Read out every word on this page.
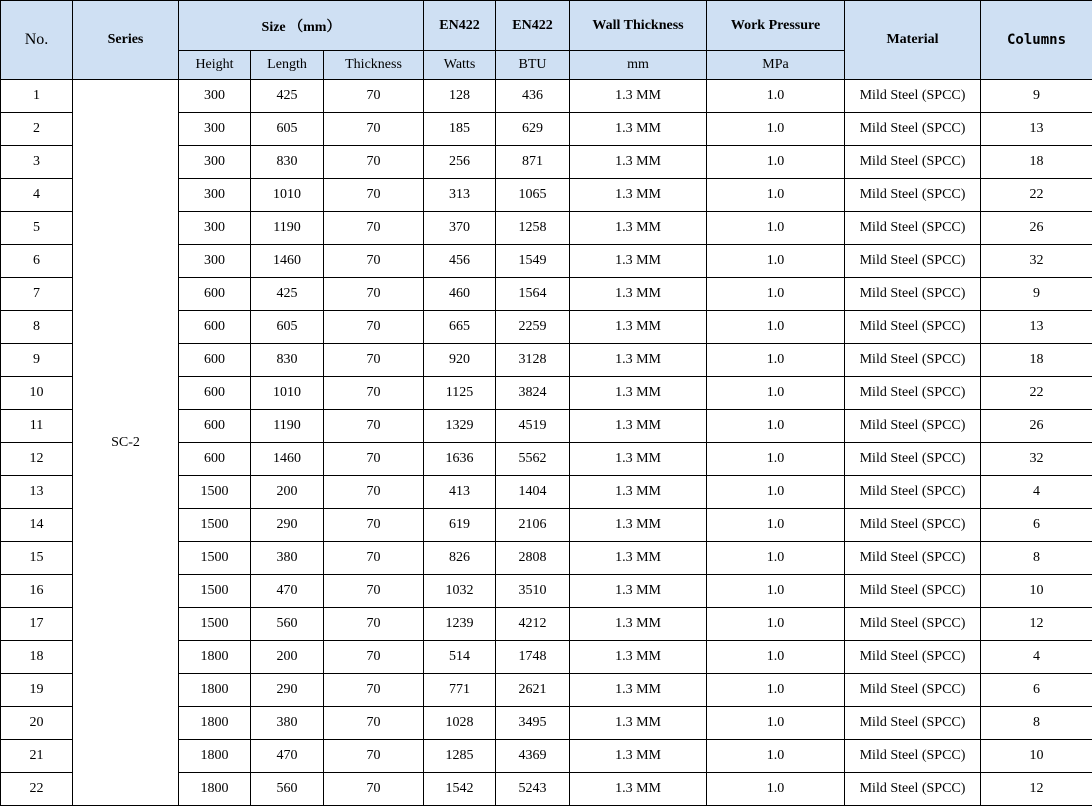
No.	Series	Size （mm）			EN422	EN422	Wall Thickness	Work Pressure	Material	Columns
		Height	Length	Thickness	Watts	BTU	mm	MPa		
1	SC-2	300	425	70	128	436	1.3 MM	1.0	Mild Steel (SPCC)	9
2		300	605	70	185	629	1.3 MM	1.0	Mild Steel (SPCC)	13
3		300	830	70	256	871	1.3 MM	1.0	Mild Steel (SPCC)	18
4		300	1010	70	313	1065	1.3 MM	1.0	Mild Steel (SPCC)	22
5		300	1190	70	370	1258	1.3 MM	1.0	Mild Steel (SPCC)	26
6		300	1460	70	456	1549	1.3 MM	1.0	Mild Steel (SPCC)	32
7		600	425	70	460	1564	1.3 MM	1.0	Mild Steel (SPCC)	9
8		600	605	70	665	2259	1.3 MM	1.0	Mild Steel (SPCC)	13
9		600	830	70	920	3128	1.3 MM	1.0	Mild Steel (SPCC)	18
10		600	1010	70	1125	3824	1.3 MM	1.0	Mild Steel (SPCC)	22
11		600	1190	70	1329	4519	1.3 MM	1.0	Mild Steel (SPCC)	26
12		600	1460	70	1636	5562	1.3 MM	1.0	Mild Steel (SPCC)	32
13		1500	200	70	413	1404	1.3 MM	1.0	Mild Steel (SPCC)	4
14		1500	290	70	619	2106	1.3 MM	1.0	Mild Steel (SPCC)	6
15		1500	380	70	826	2808	1.3 MM	1.0	Mild Steel (SPCC)	8
16		1500	470	70	1032	3510	1.3 MM	1.0	Mild Steel (SPCC)	10
17		1500	560	70	1239	4212	1.3 MM	1.0	Mild Steel (SPCC)	12
18		1800	200	70	514	1748	1.3 MM	1.0	Mild Steel (SPCC)	4
19		1800	290	70	771	2621	1.3 MM	1.0	Mild Steel (SPCC)	6
20		1800	380	70	1028	3495	1.3 MM	1.0	Mild Steel (SPCC)	8
21		1800	470	70	1285	4369	1.3 MM	1.0	Mild Steel (SPCC)	10
22		1800	560	70	1542	5243	1.3 MM	1.0	Mild Steel (SPCC)	12
